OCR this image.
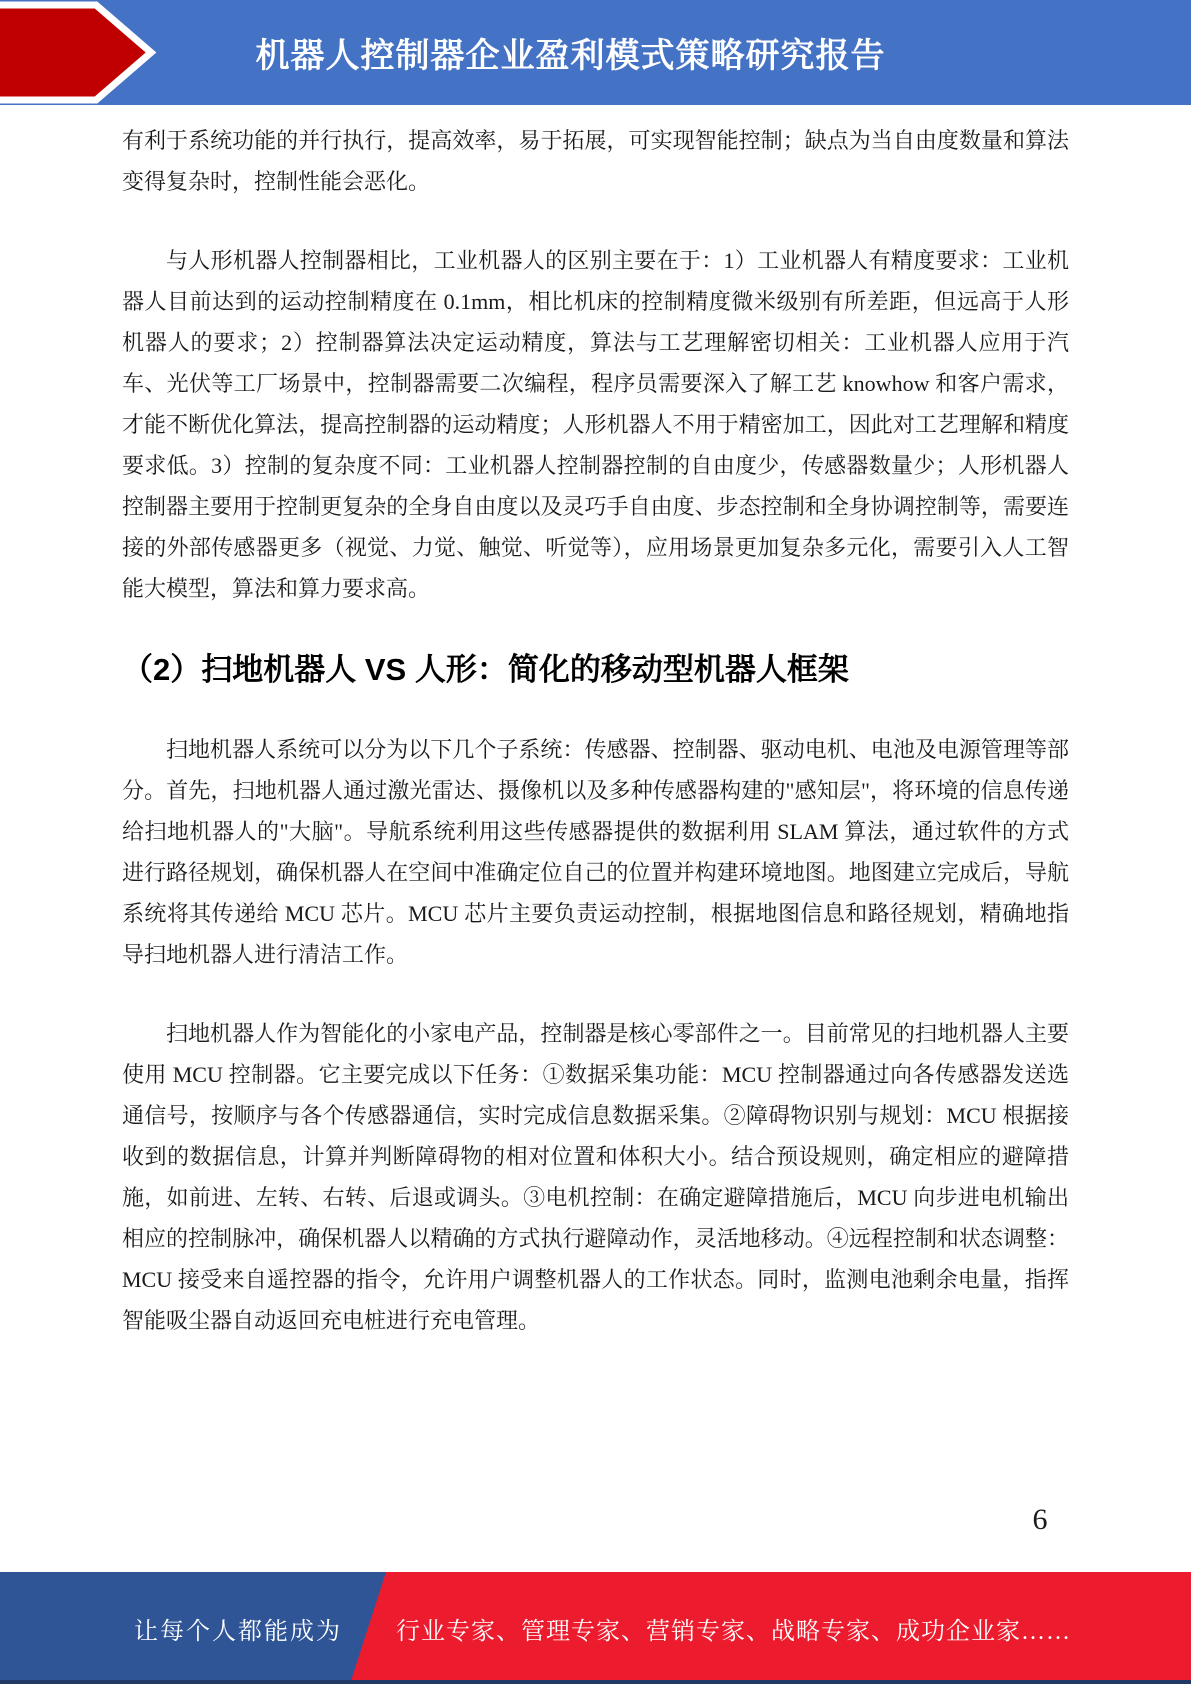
机器人控制器企业盈利模式策略研究报告

有利于系统功能的并行执行，提高效率，易于拓展，可实现智能控制；缺点为当自由度数量和算法变得复杂时，控制性能会恶化。

与人形机器人控制器相比，工业机器人的区别主要在于：1）工业机器人有精度要求：工业机器人目前达到的运动控制精度在 0.1mm，相比机床的控制精度微米级别有所差距，但远高于人形机器人的要求；2）控制器算法决定运动精度，算法与工艺理解密切相关：工业机器人应用于汽车、光伏等工厂场景中，控制器需要二次编程，程序员需要深入了解工艺 knowhow 和客户需求，才能不断优化算法，提高控制器的运动精度；人形机器人不用于精密加工，因此对工艺理解和精度要求低。3）控制的复杂度不同：工业机器人控制器控制的自由度少，传感器数量少；人形机器人控制器主要用于控制更复杂的全身自由度以及灵巧手自由度、步态控制和全身协调控制等，需要连接的外部传感器更多（视觉、力觉、触觉、听觉等），应用场景更加复杂多元化，需要引入人工智能大模型，算法和算力要求高。

（2）扫地机器人 VS 人形：简化的移动型机器人框架

扫地机器人系统可以分为以下几个子系统：传感器、控制器、驱动电机、电池及电源管理等部分。首先，扫地机器人通过激光雷达、摄像机以及多种传感器构建的"感知层"，将环境的信息传递给扫地机器人的"大脑"。导航系统利用这些传感器提供的数据利用 SLAM 算法，通过软件的方式进行路径规划，确保机器人在空间中准确定位自己的位置并构建环境地图。地图建立完成后，导航系统将其传递给 MCU 芯片。MCU 芯片主要负责运动控制，根据地图信息和路径规划，精确地指导扫地机器人进行清洁工作。

扫地机器人作为智能化的小家电产品，控制器是核心零部件之一。目前常见的扫地机器人主要使用 MCU 控制器。它主要完成以下任务：①数据采集功能：MCU 控制器通过向各传感器发送选通信号，按顺序与各个传感器通信，实时完成信息数据采集。②障碍物识别与规划：MCU 根据接收到的数据信息，计算并判断障碍物的相对位置和体积大小。结合预设规则，确定相应的避障措施，如前进、左转、右转、后退或调头。③电机控制：在确定避障措施后，MCU 向步进电机输出相应的控制脉冲，确保机器人以精确的方式执行避障动作，灵活地移动。④远程控制和状态调整：MCU 接受来自遥控器的指令，允许用户调整机器人的工作状态。同时，监测电池剩余电量，指挥智能吸尘器自动返回充电桩进行充电管理。

6
让每个人都能成为	行业专家、管理专家、营销专家、战略专家、成功企业家……
